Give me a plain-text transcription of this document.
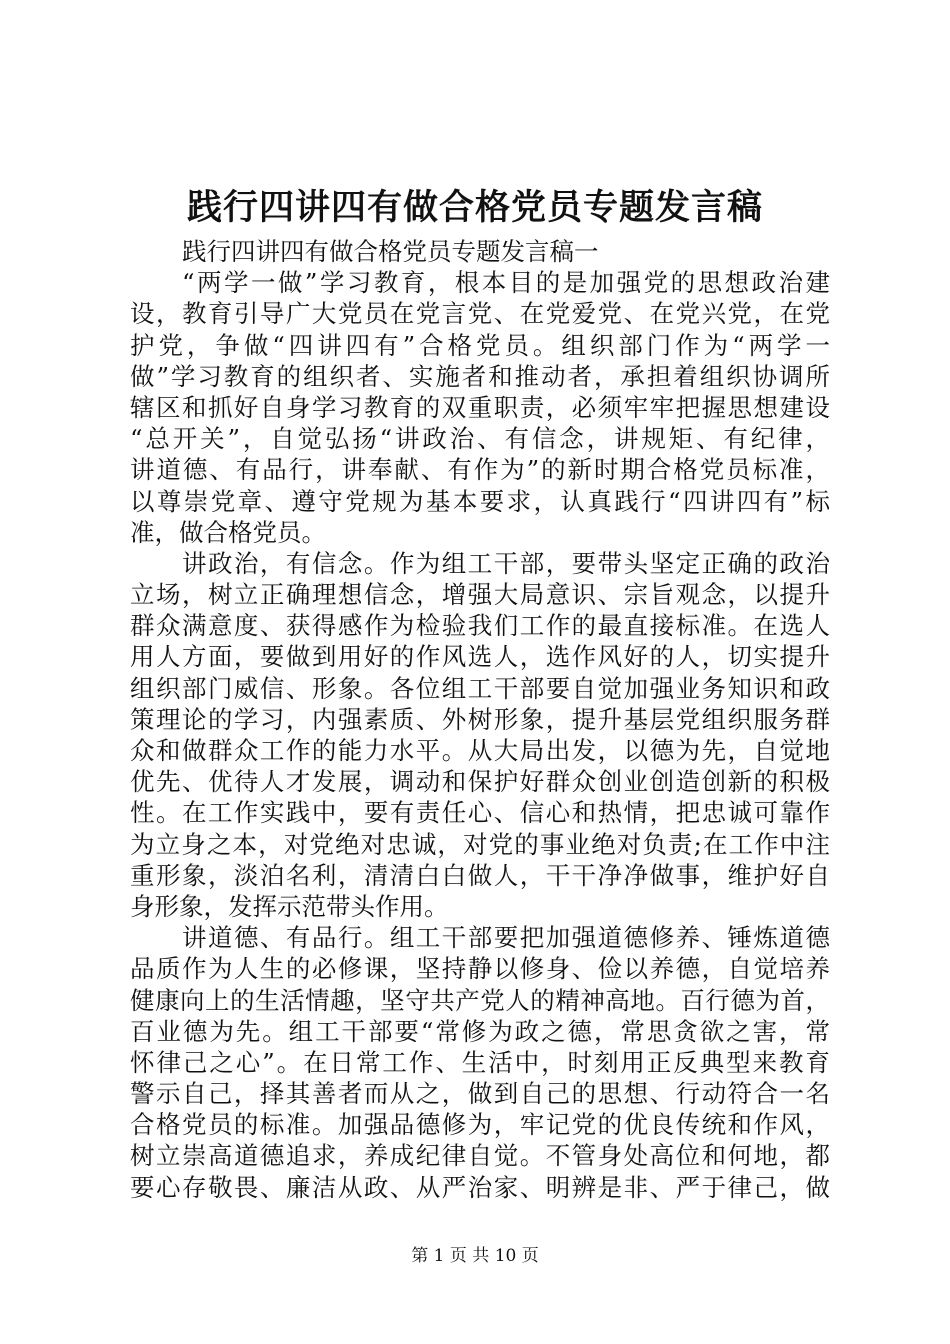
践行四讲四有做合格党员专题发言稿
践行四讲四有做合格党员专题发言稿一
“两学一做”学习教育，根本目的是加强党的思想政治建
设，教育引导广大党员在党言党、在党爱党、在党兴党，在党
护党，争做“四讲四有”合格党员。组织部门作为“两学一
做”学习教育的组织者、实施者和推动者，承担着组织协调所
辖区和抓好自身学习教育的双重职责，必须牢牢把握思想建设
“总开关”，自觉弘扬“讲政治、有信念，讲规矩、有纪律，
讲道德、有品行，讲奉献、有作为”的新时期合格党员标准，
以尊崇党章、遵守党规为基本要求，认真践行“四讲四有”标
准，做合格党员。
讲政治，有信念。作为组工干部，要带头坚定正确的政治
立场，树立正确理想信念，增强大局意识、宗旨观念，以提升
群众满意度、获得感作为检验我们工作的最直接标准。在选人
用人方面，要做到用好的作风选人，选作风好的人，切实提升
组织部门威信、形象。各位组工干部要自觉加强业务知识和政
策理论的学习，内强素质、外树形象，提升基层党组织服务群
众和做群众工作的能力水平。从大局出发，以德为先，自觉地
优先、优待人才发展，调动和保护好群众创业创造创新的积极
性。在工作实践中，要有责任心、信心和热情，把忠诚可靠作
为立身之本，对党绝对忠诚，对党的事业绝对负责;在工作中注
重形象，淡泊名利，清清白白做人，干干净净做事，维护好自
身形象，发挥示范带头作用。
讲道德、有品行。组工干部要把加强道德修养、锤炼道德
品质作为人生的必修课，坚持静以修身、俭以养德，自觉培养
健康向上的生活情趣，坚守共产党人的精神高地。百行德为首，
百业德为先。组工干部要“常修为政之德，常思贪欲之害，常
怀律己之心”。在日常工作、生活中，时刻用正反典型来教育
警示自己，择其善者而从之，做到自己的思想、行动符合一名
合格党员的标准。加强品德修为，牢记党的优良传统和作风，
树立崇高道德追求，养成纪律自觉。不管身处高位和何地，都
要心存敬畏、廉洁从政、从严治家、明辨是非、严于律己，做
第 1 页 共 10 页
